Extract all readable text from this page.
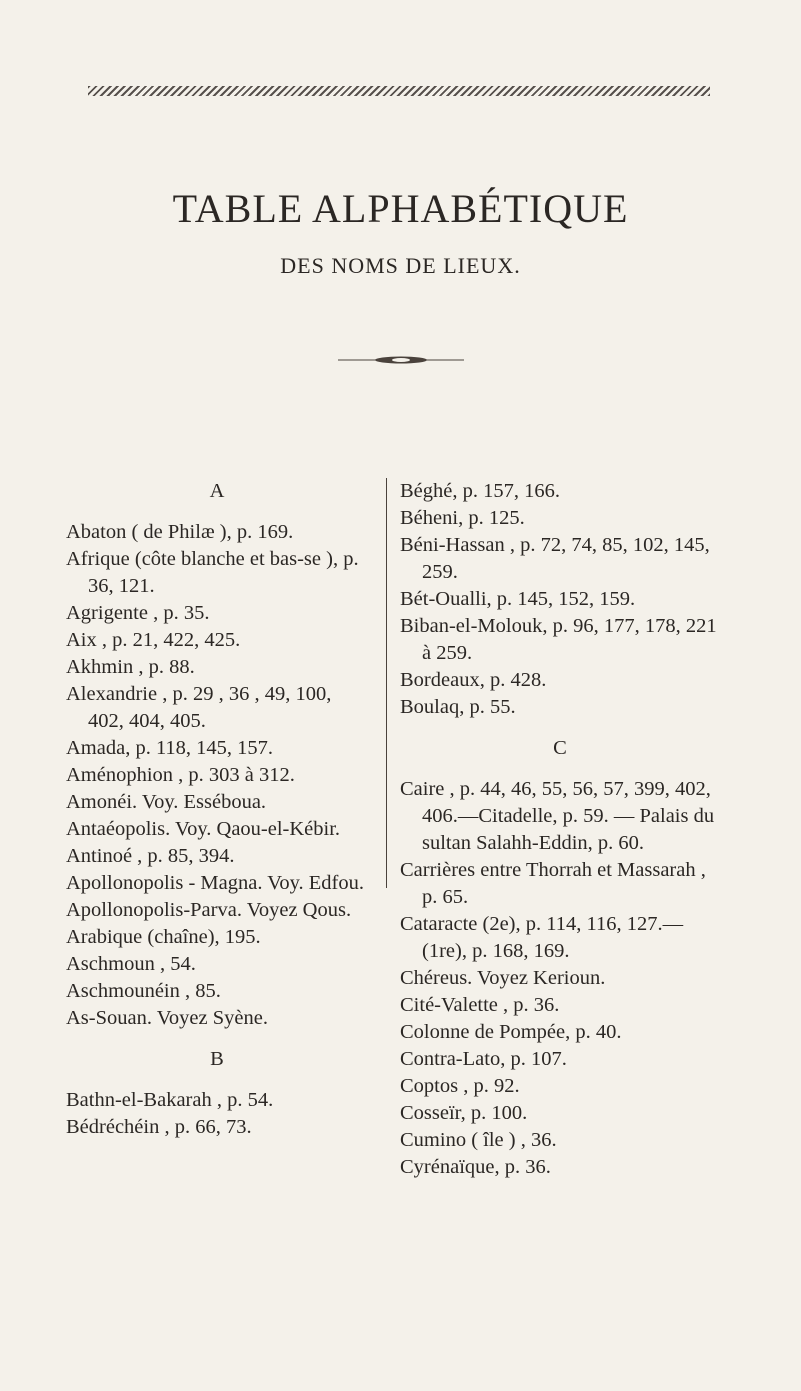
TABLE ALPHABÉTIQUE
DES NOMS DE LIEUX.

A

Abaton ( de Philæ ), p. 169.
Afrique (côte blanche et bas-se ), p. 36, 121.
Agrigente , p. 35.
Aix , p. 21, 422, 425.
Akhmin , p. 88.
Alexandrie , p. 29 , 36 , 49, 100, 402, 404, 405.
Amada, p. 118, 145, 157.
Aménophion , p. 303 à 312.
Amonéi. Voy. Esséboua.
Antaéopolis. Voy. Qaou-el-Kébir.
Antinoé , p. 85, 394.
Apollonopolis - Magna. Voy. Edfou.
Apollonopolis-Parva. Voyez Qous.
Arabique (chaîne), 195.
Aschmoun , 54.
Aschmounéin , 85.
As-Souan. Voyez Syène.

B

Bathn-el-Bakarah , p. 54.
Bédréchéin , p. 66, 73.
Béghé, p. 157, 166.
Béheni, p. 125.
Béni-Hassan , p. 72, 74, 85, 102, 145, 259.
Bét-Oualli, p. 145, 152, 159.
Biban-el-Molouk, p. 96, 177, 178, 221 à 259.
Bordeaux, p. 428.
Boulaq, p. 55.

C

Caire , p. 44, 46, 55, 56, 57, 399, 402, 406.—Citadelle, p. 59. — Palais du sultan Salahh-Eddin, p. 60.
Carrières entre Thorrah et Massarah , p. 65.
Cataracte (2e), p. 114, 116, 127.—(1re), p. 168, 169.
Chéreus. Voyez Kerioun.
Cité-Valette , p. 36.
Colonne de Pompée, p. 40.
Contra-Lato, p. 107.
Coptos , p. 92.
Cosseïr, p. 100.
Cumino ( île ) , 36.
Cyrénaïque, p. 36.
